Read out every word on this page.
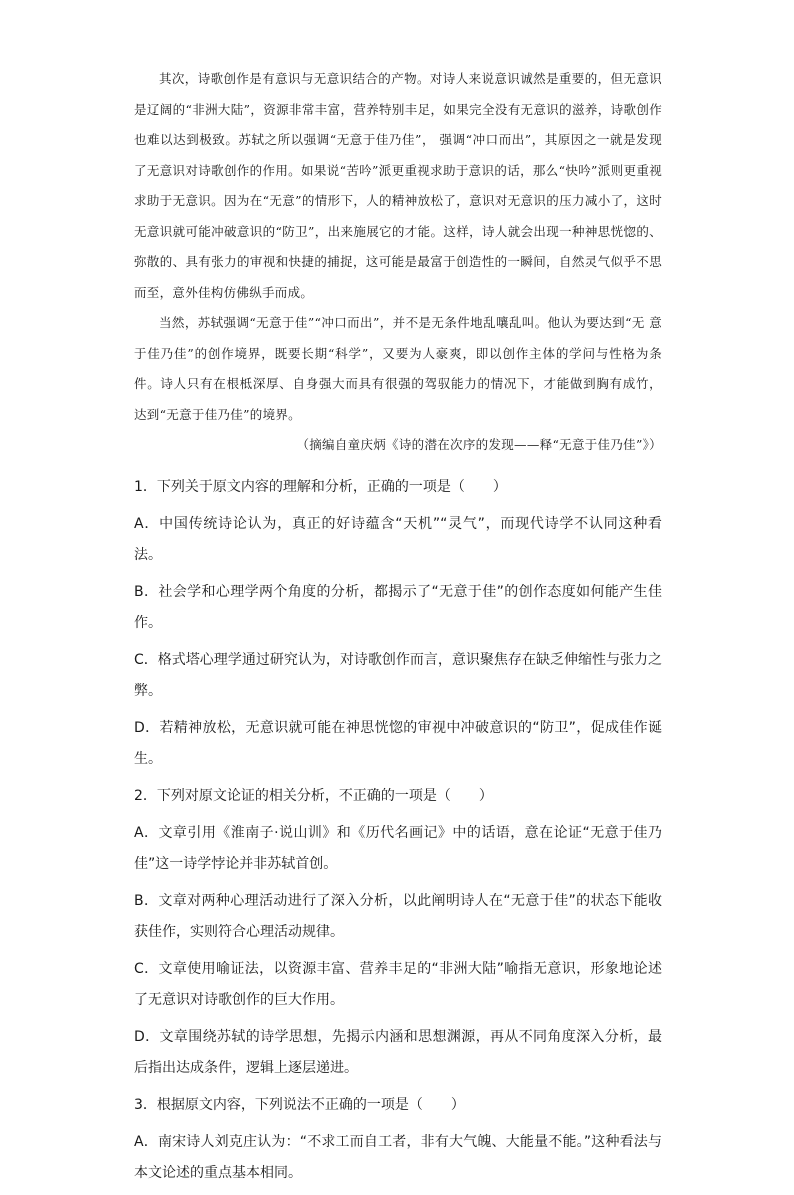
其次，诗歌创作是有意识与无意识结合的产物。对诗人来说意识诚然是重要的，但无意识是辽阔的“非洲大陆”，资源非常丰富，营养特别丰足，如果完全没有无意识的滋养，诗歌创作也难以达到极致。苏轼之所以强调“无意于佳乃佳”， 强调“冲口而出”，其原因之一就是发现了无意识对诗歌创作的作用。如果说“苦吟”派更重视求助于意识的话，那么“快吟”派则更重视求助于无意识。因为在“无意”的情形下，人的精神放松了，意识对无意识的压力减小了，这时无意识就可能冲破意识的“防卫”，出来施展它的才能。这样，诗人就会出现一种神思恍惚的、弥散的、具有张力的审视和快捷的捕捉，这可能是最富于创造性的一瞬间，自然灵气似乎不思而至，意外佳构仿佛纵手而成。

当然，苏轼强调“无意于佳”“冲口而出”，并不是无条件地乱嚷乱叫。他认为要达到“无 意于佳乃佳”的创作境界，既要长期“科学”，又要为人豪爽，即以创作主体的学问与性格为条件。诗人只有在根柢深厚、自身强大而具有很强的驾驭能力的情况下，才能做到胸有成竹， 达到“无意于佳乃佳”的境界。

（摘编自童庆炳《诗的潜在次序的发现——释“无意于佳乃佳”》）

1．下列关于原文内容的理解和分析，正确的一项是（　　）
A．中国传统诗论认为，真正的好诗蕴含“天机”“灵气”，而现代诗学不认同这种看法。
B．社会学和心理学两个角度的分析，都揭示了“无意于佳”的创作态度如何能产生佳作。
C．格式塔心理学通过研究认为，对诗歌创作而言，意识聚焦存在缺乏伸缩性与张力之弊。
D．若精神放松，无意识就可能在神思恍惚的审视中冲破意识的“防卫”，促成佳作诞生。
2．下列对原文论证的相关分析，不正确的一项是（　　）
A．文章引用《淮南子·说山训》和《历代名画记》中的话语，意在论证“无意于佳乃佳”这一诗学悖论并非苏轼首创。
B．文章对两种心理活动进行了深入分析，以此阐明诗人在“无意于佳”的状态下能收获佳作，实则符合心理活动规律。
C．文章使用喻证法，以资源丰富、营养丰足的“非洲大陆”喻指无意识，形象地论述了无意识对诗歌创作的巨大作用。
D．文章围绕苏轼的诗学思想，先揭示内涵和思想渊源，再从不同角度深入分析，最后指出达成条件，逻辑上逐层递进。
3．根据原文内容，下列说法不正确的一项是（　　）
A．南宋诗人刘克庄认为：“不求工而自工者，非有大气魄、大能量不能。”这种看法与本文论述的重点基本相同。
